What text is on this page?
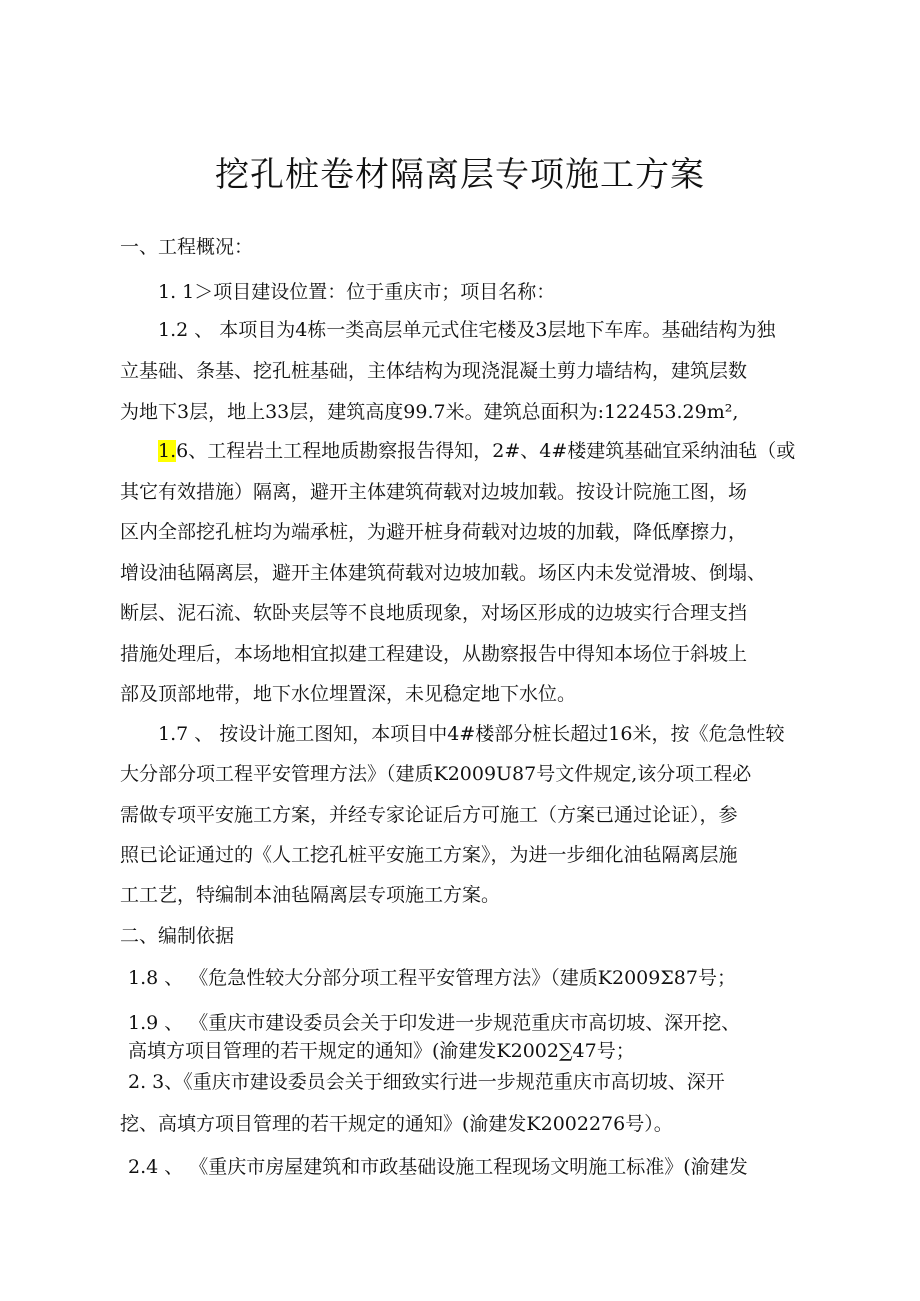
挖孔桩卷材隔离层专项施工方案
一、工程概况：
1. 1＞项目建设位置：位于重庆市；项目名称：
1.2 、 本项目为4栋一类高层单元式住宅楼及3层地下车库。基础结构为独
立基础、条基、挖孔桩基础，主体结构为现浇混凝土剪力墙结构，建筑层数
为地下3层，地上33层，建筑高度99.7米。建筑总面积为:122453.29m²,
1.6、工程岩土工程地质勘察报告得知，2#、4#楼建筑基础宜采纳油毡（或
其它有效措施）隔离，避开主体建筑荷载对边坡加载。按设计院施工图，场
区内全部挖孔桩均为端承桩，为避开桩身荷载对边坡的加载，降低摩擦力，
增设油毡隔离层，避开主体建筑荷载对边坡加载。场区内未发觉滑坡、倒塌、
断层、泥石流、软卧夹层等不良地质现象，对场区形成的边坡实行合理支挡
措施处理后，本场地相宜拟建工程建设，从勘察报告中得知本场位于斜坡上
部及顶部地带，地下水位埋置深，未见稳定地下水位。
1.7 、 按设计施工图知，本项目中4#楼部分桩长超过16米，按《危急性较
大分部分项工程平安管理方法》（建质K2009U87号文件规定,该分项工程必
需做专项平安施工方案，并经专家论证后方可施工（方案已通过论证），参
照已论证通过的《人工挖孔桩平安施工方案》，为进一步细化油毡隔离层施
工工艺，特编制本油毡隔离层专项施工方案。
二、编制依据
1.8 、 《危急性较大分部分项工程平安管理方法》（建质K2009Σ87号；
1.9 、 《重庆市建设委员会关于印发进一步规范重庆市高切坡、深开挖、
高填方项目管理的若干规定的通知》(渝建发K2002∑47号；
2. 3、《重庆市建设委员会关于细致实行进一步规范重庆市高切坡、深开
挖、高填方项目管理的若干规定的通知》(渝建发K2002276号）。
2.4 、 《重庆市房屋建筑和市政基础设施工程现场文明施工标准》(渝建发
